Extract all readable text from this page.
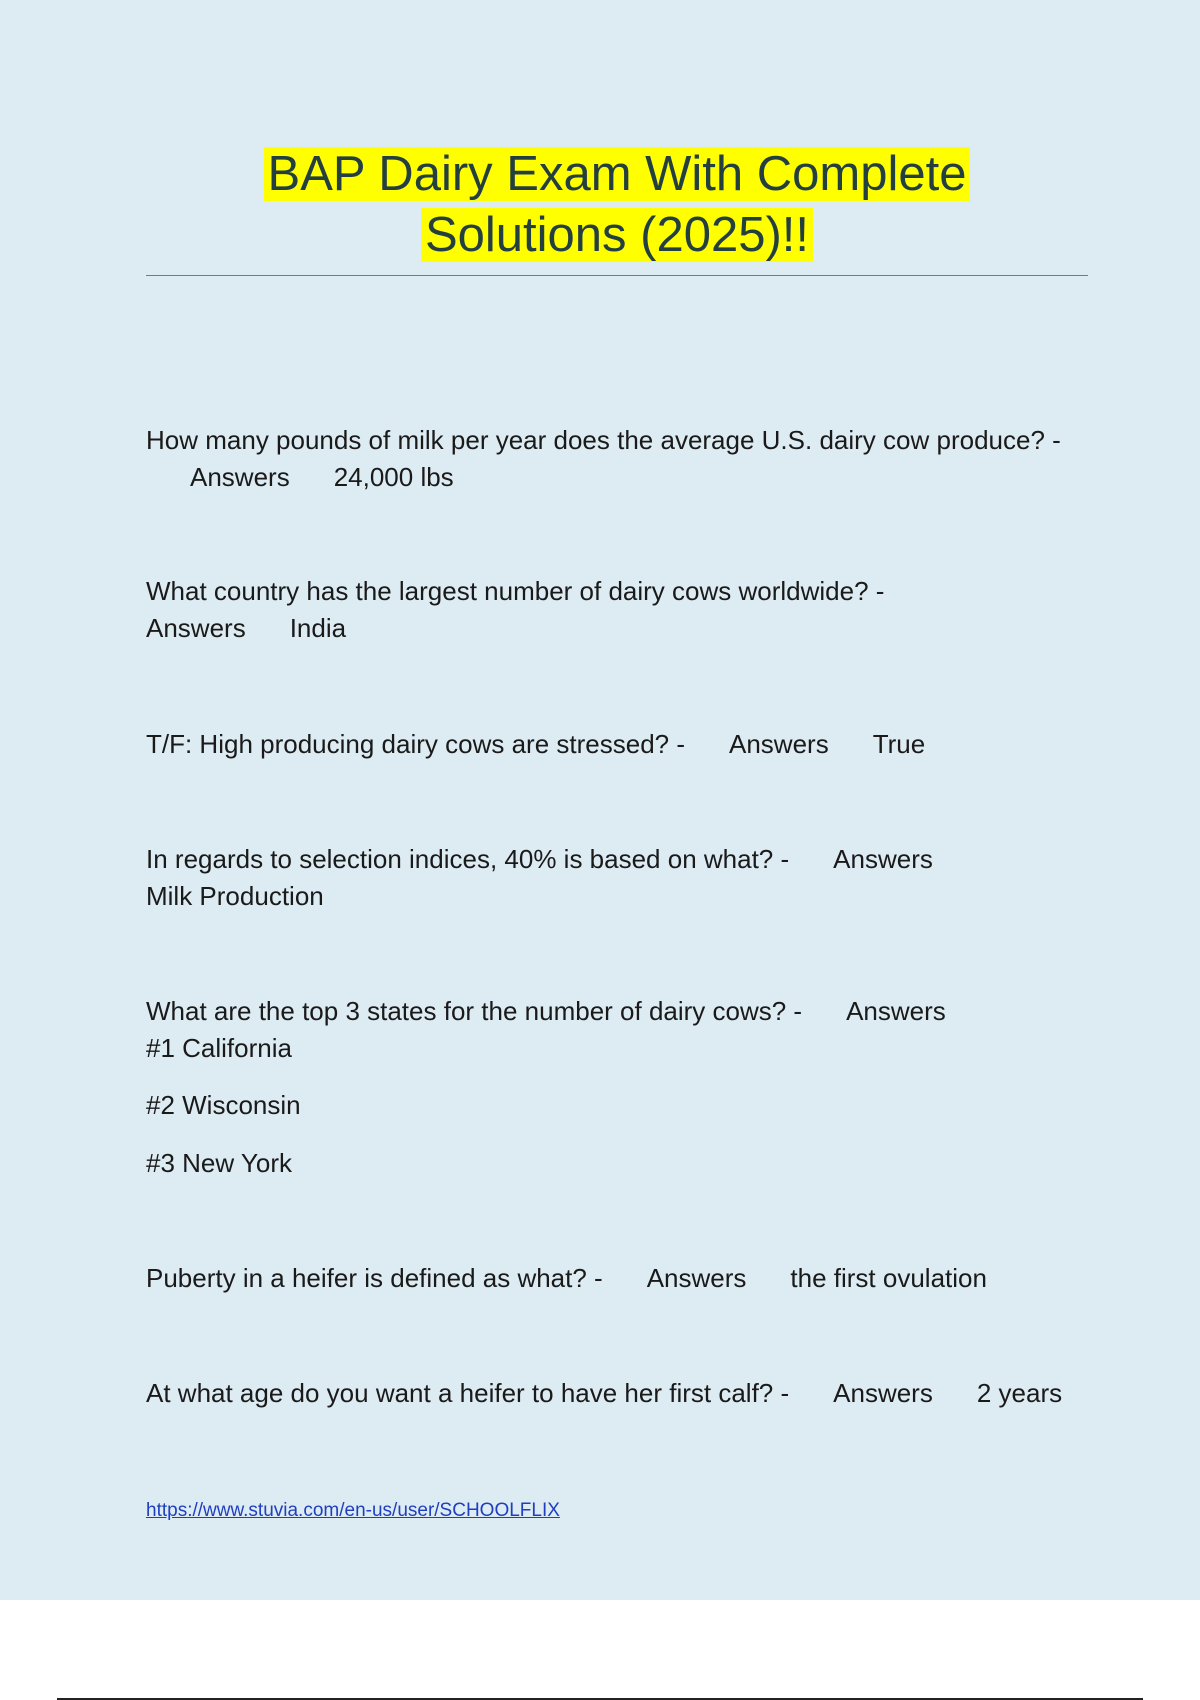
BAP Dairy Exam With Complete
Solutions (2025)!!

How many pounds of milk per year does the average U.S. dairy cow produce? -Answers 24,000 lbs

What country has the largest number of dairy cows worldwide? -
Answers India

T/F: High producing dairy cows are stressed? - Answers True

In regards to selection indices, 40% is based on what? - Answers
Milk Production

What are the top 3 states for the number of dairy cows? - Answers
#1 California

#2 Wisconsin

#3 New York

Puberty in a heifer is defined as what? - Answers the first ovulation

At what age do you want a heifer to have her first calf? - Answers 2 years

https://www.stuvia.com/en-us/user/SCHOOLFLIX
